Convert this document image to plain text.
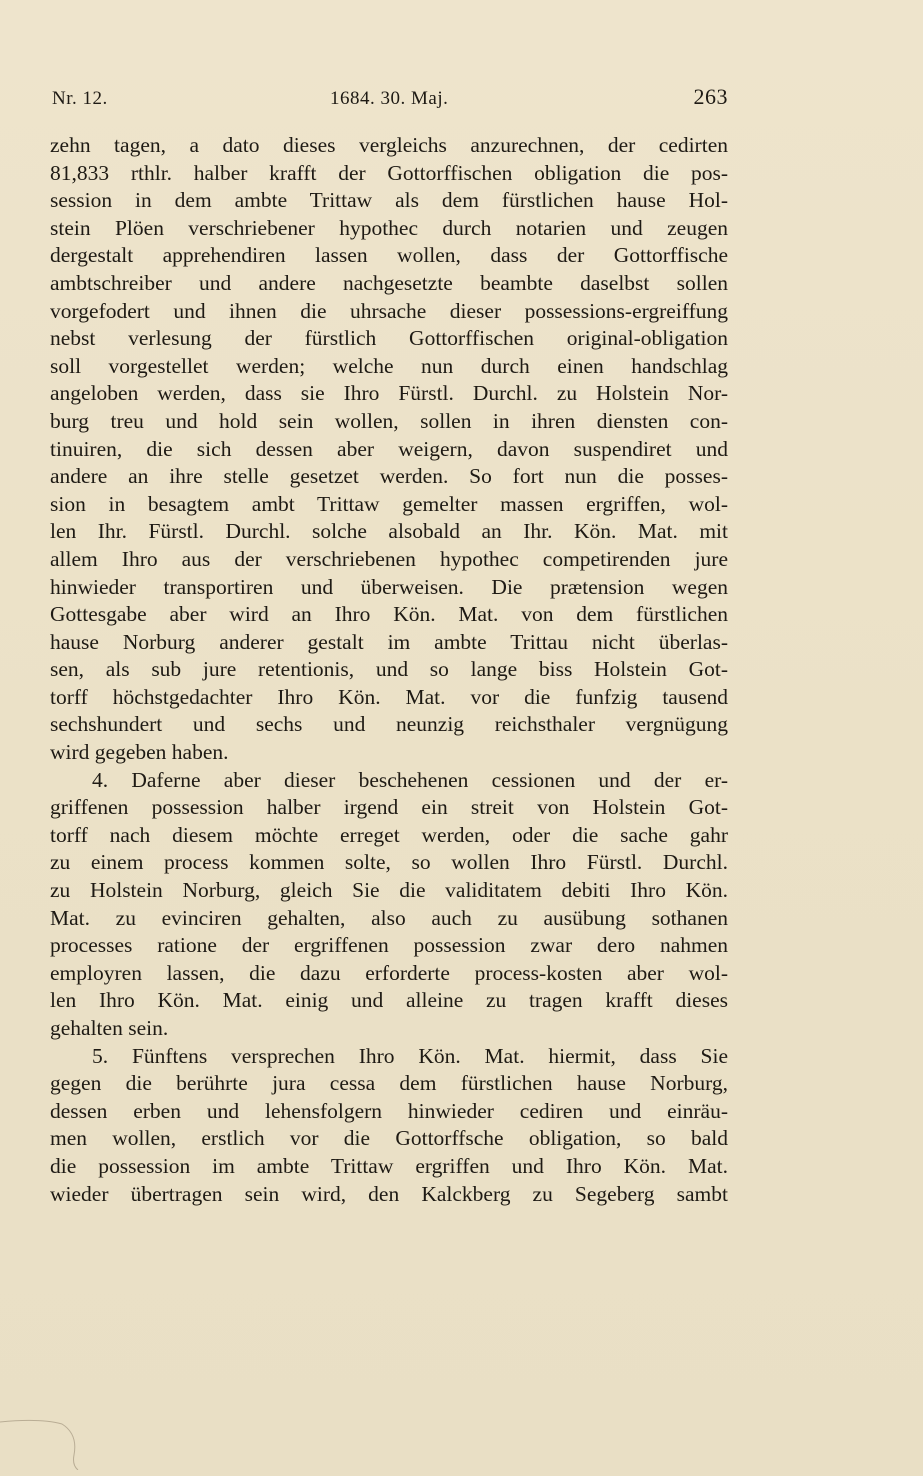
Nr. 12.	1684. 30. Maj.	263
zehn tagen, a dato dieses vergleichs anzurechnen, der cedirten
81,833 rthlr. halber krafft der Gottorffischen obligation die pos-
session in dem ambte Trittaw als dem fürstlichen hause Hol-
stein Plöen verschriebener hypothec durch notarien und zeugen
dergestalt apprehendiren lassen wollen, dass der Gottorffische
ambtschreiber und andere nachgesetzte beambte daselbst sollen
vorgefodert und ihnen die uhrsache dieser possessions-ergreiffung
nebst verlesung der fürstlich Gottorffischen original-obligation
soll vorgestellet werden; welche nun durch einen handschlag
angeloben werden, dass sie Ihro Fürstl. Durchl. zu Holstein Nor-
burg treu und hold sein wollen, sollen in ihren diensten con-
tinuiren, die sich dessen aber weigern, davon suspendiret und
andere an ihre stelle gesetzet werden. So fort nun die posses-
sion in besagtem ambt Trittaw gemelter massen ergriffen, wol-
len Ihr. Fürstl. Durchl. solche alsobald an Ihr. Kön. Mat. mit
allem Ihro aus der verschriebenen hypothec competirenden jure
hinwieder transportiren und überweisen. Die prætension wegen
Gottesgabe aber wird an Ihro Kön. Mat. von dem fürstlichen
hause Norburg anderer gestalt im ambte Trittau nicht überlas-
sen, als sub jure retentionis, und so lange biss Holstein Got-
torff höchstgedachter Ihro Kön. Mat. vor die funfzig tausend
sechshundert und sechs und neunzig reichsthaler vergnügung
wird gegeben haben.
4. Daferne aber dieser beschehenen cessionen und der er-
griffenen possession halber irgend ein streit von Holstein Got-
torff nach diesem möchte erreget werden, oder die sache gahr
zu einem process kommen solte, so wollen Ihro Fürstl. Durchl.
zu Holstein Norburg, gleich Sie die validitatem debiti Ihro Kön.
Mat. zu evinciren gehalten, also auch zu ausübung sothanen
processes ratione der ergriffenen possession zwar dero nahmen
employren lassen, die dazu erforderte process-kosten aber wol-
len Ihro Kön. Mat. einig und alleine zu tragen krafft dieses
gehalten sein.
5. Fünftens versprechen Ihro Kön. Mat. hiermit, dass Sie
gegen die berührte jura cessa dem fürstlichen hause Norburg,
dessen erben und lehensfolgern hinwieder cediren und einräu-
men wollen, erstlich vor die Gottorffsche obligation, so bald
die possession im ambte Trittaw ergriffen und Ihro Kön. Mat.
wieder übertragen sein wird, den Kalckberg zu Segeberg sambt
